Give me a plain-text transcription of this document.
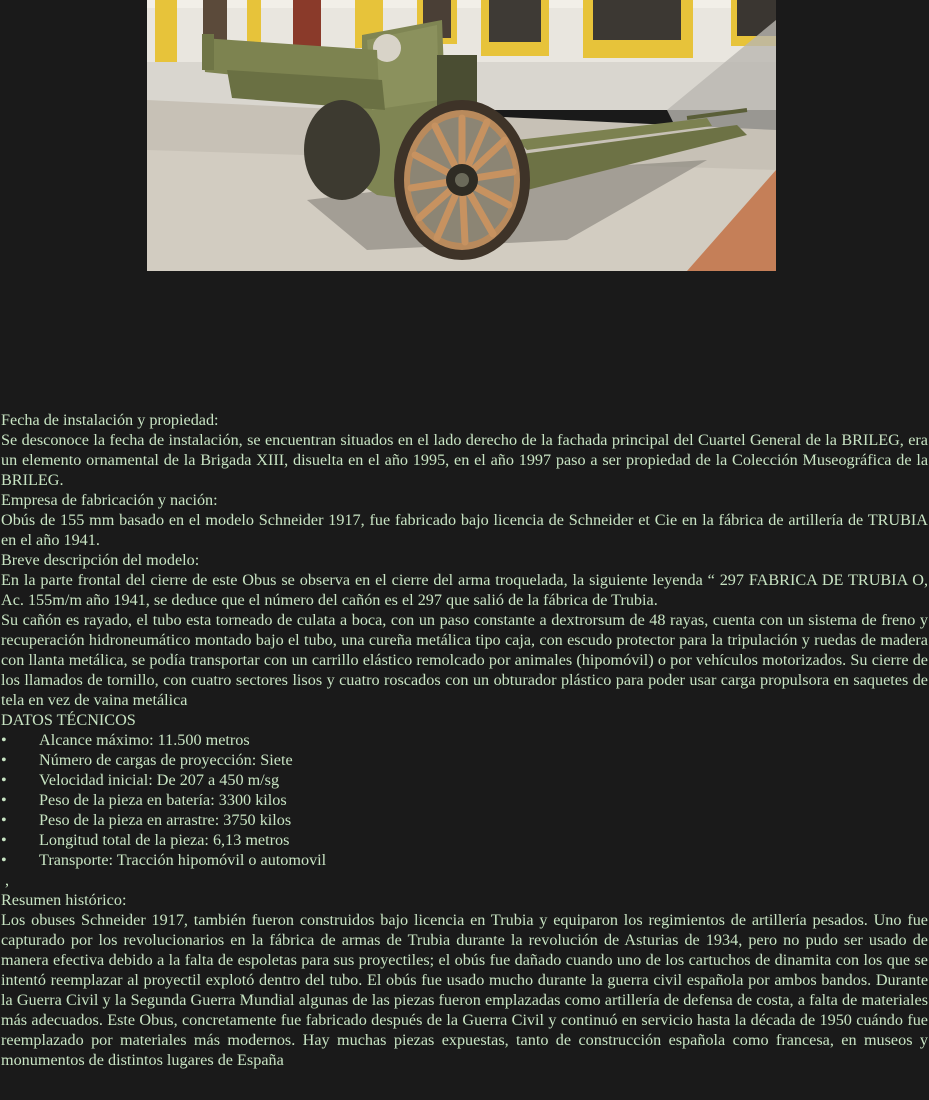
Fecha de instalación y propiedad:

Se desconoce la fecha de instalación, se encuentran situados en el lado derecho de la fachada principal del Cuartel General de la BRILEG, era un elemento ornamental de la Brigada XIII, disuelta en el año 1995, en el año 1997 paso a ser propiedad de la Colección Museográfica de la BRILEG.

Empresa de fabricación y nación:

Obús de 155 mm basado en el modelo Schneider 1917, fue fabricado bajo licencia de Schneider et Cie en la fábrica de artillería de TRUBIA en el año 1941.

Breve descripción del modelo:

En la parte frontal del cierre de este Obus se observa en el cierre del arma troquelada, la siguiente leyenda “ 297 FABRICA DE TRUBIA O, Ac. 155m/m año 1941, se deduce que el número del cañón es el 297 que salió de la fábrica de Trubia.

Su cañón es rayado, el tubo esta torneado de culata a boca, con un paso constante a dextrorsum de 48 rayas, cuenta con un sistema de freno y recuperación hidroneumático montado bajo el tubo, una cureña metálica tipo caja, con escudo protector para la tripulación y ruedas de madera con llanta metálica, se podía transportar con un carrillo elástico remolcado por animales (hipomóvil) o por vehículos motorizados. Su cierre de los llamados de tornillo, con cuatro sectores lisos y cuatro roscados con un obturador plástico para poder usar carga propulsora en saquetes de tela en vez de vaina metálica

DATOS TÉCNICOS

• Alcance máximo: 11.500 metros
• Número de cargas de proyección: Siete
• Velocidad inicial: De 207 a 450 m/sg
• Peso de la pieza en batería: 3300 kilos
• Peso de la pieza en arrastre: 3750 kilos
• Longitud total de la pieza: 6,13 metros
• Transporte: Tracción hipomóvil o automovil

,

Resumen histórico:

Los obuses Schneider 1917, también fueron construidos bajo licencia en Trubia y equiparon los regimientos de artillería pesados. Uno fue capturado por los revolucionarios en la fábrica de armas de Trubia durante la revolución de Asturias de 1934, pero no pudo ser usado de manera efectiva debido a la falta de espoletas para sus proyectiles; el obús fue dañado cuando uno de los cartuchos de dinamita con los que se intentó reemplazar al proyectil explotó dentro del tubo. El obús fue usado mucho durante la guerra civil española por ambos bandos. Durante la Guerra Civil y la Segunda Guerra Mundial algunas de las piezas fueron emplazadas como artillería de defensa de costa, a falta de materiales más adecuados. Este Obus, concretamente fue fabricado después de la Guerra Civil y continuó en servicio hasta la década de 1950 cuándo fue reemplazado por materiales más modernos. Hay muchas piezas expuestas, tanto de construcción española como francesa, en museos y monumentos de distintos lugares de España
